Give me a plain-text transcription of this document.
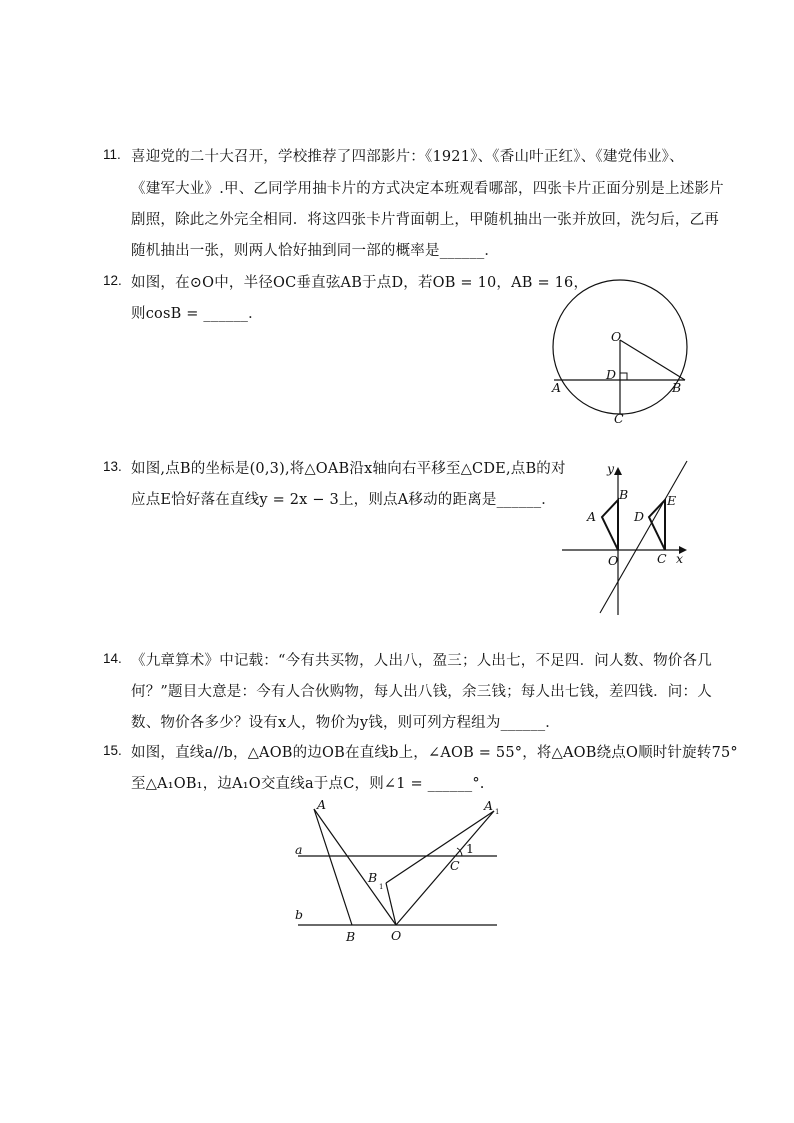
11. 喜迎党的二十大召开，学校推荐了四部影片：《1921》、《香山叶正红》、《建党伟业》、
《建军大业》.甲、乙同学用抽卡片的方式决定本班观看哪部，四张卡片正面分别是上述影片
剧照，除此之外完全相同．将这四张卡片背面朝上，甲随机抽出一张并放回，洗匀后，乙再
随机抽出一张，则两人恰好抽到同一部的概率是______．
12. 如图，在⊙O中，半径OC垂直弦AB于点D，若OB = 10，AB = 16，
则cosB = ______．
O
D
A	B
C
13. 如图,点B的坐标是(0,3),将△OAB沿x轴向右平移至△CDE,点B的对
应点E恰好落在直线y = 2x − 3上，则点A移动的距离是______．
y
B
A
O
D
E
C x
14. 《九章算术》中记载：“今有共买物，人出八，盈三；人出七，不足四．问人数、物价各几
何？”题目大意是：今有人合伙购物，每人出八钱，余三钱；每人出七钱，差四钱．问：人
数、物价各多少？设有x人，物价为y钱，则可列方程组为______．
15. 如图，直线a//b，△AOB的边OB在直线b上，∠AOB = 55°，将△AOB绕点O顺时针旋转75°
至△A₁OB₁，边A₁O交直线a于点C，则∠1 = ______°.
A	A 1
a
b
B
1
C
1
B	O
